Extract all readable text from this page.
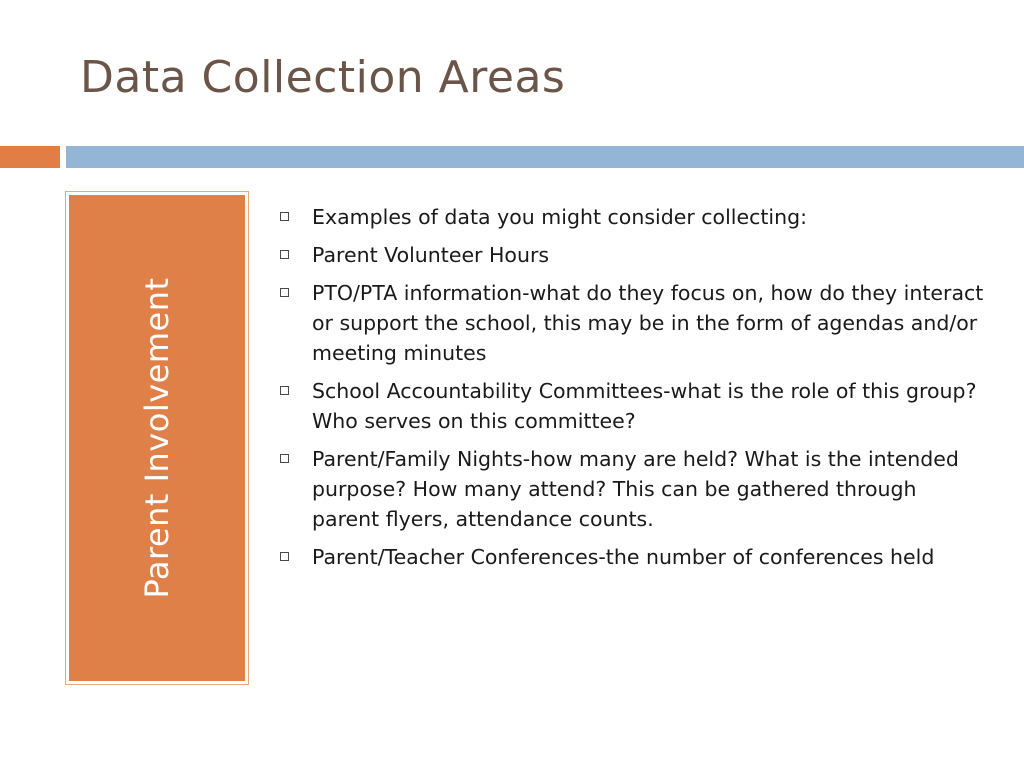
Data Collection Areas
Parent Involvement
Examples of data you might consider collecting:
Parent Volunteer Hours
PTO/PTA information-what do they focus on, how do they interact or support the school, this may be in the form of agendas and/or meeting minutes
School Accountability Committees-what is the role of this group? Who serves on this committee?
Parent/Family Nights-how many are held? What is the intended purpose? How many attend? This can be gathered through parent flyers, attendance counts.
Parent/Teacher Conferences-the number of conferences held
